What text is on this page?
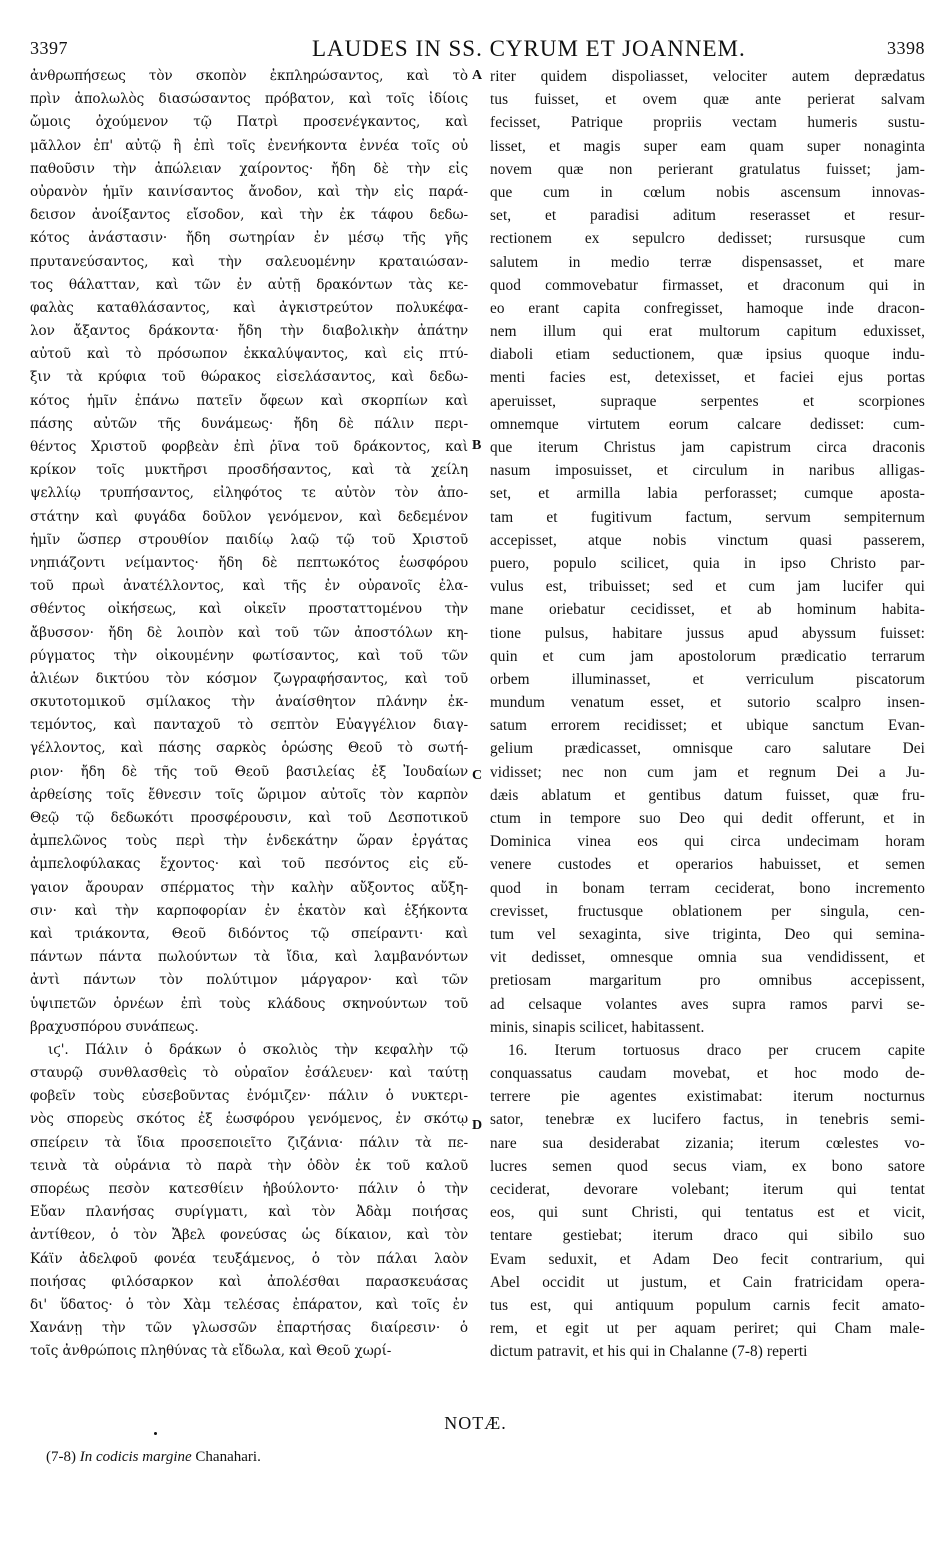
3397	LAUDES IN SS. CYRUM ET JOANNEM.	3398
ἀνθρωπήσεως τὸν σκοπὸν ἐκπληρώσαντος, καὶ τὸ
πρὶν ἀπολωλὸς διασώσαντος πρόβατον, καὶ τοῖς ἰδίοις
ὤμοις ὀχούμενον τῷ Πατρὶ προσενέγκαντος, καὶ
μᾶλλον ἐπ' αὐτῷ ἢ ἐπὶ τοῖς ἐνενήκοντα ἐννέα τοῖς οὐ
παθοῦσιν τὴν ἀπώλειαν χαίροντος· ἤδη δὲ τὴν εἰς
οὐρανὸν ἡμῖν καινίσαντος ἄνοδον, καὶ τὴν εἰς παρά-
δεισον ἀνοίξαντος εἴσοδον, καὶ τὴν ἐκ τάφου δεδω-
κότος ἀνάστασιν· ἤδη σωτηρίαν ἐν μέσῳ τῆς γῆς
πρυτανεύσαντος, καὶ τὴν σαλευομένην κραταιώσαν-
τος θάλατταν, καὶ τῶν ἐν αὐτῇ δρακόντων τὰς κε-
φαλὰς καταθλάσαντος, καὶ ἀγκιστρεύτον πολυκέφα-
λον ἄξαντος δράκοντα· ἤδη τὴν διαβολικὴν ἀπάτην
αὐτοῦ καὶ τὸ πρόσωπον ἐκκαλύψαντος, καὶ εἰς πτύ-
ξιν τὰ κρύφια τοῦ θώρακος εἰσελάσαντος, καὶ δεδω-
κότος ἡμῖν ἐπάνω πατεῖν ὄφεων καὶ σκορπίων καὶ
πάσης αὐτῶν τῆς δυνάμεως· ἤδη δὲ πάλιν περι-
θέντος Χριστοῦ φορβεὰν ἐπὶ ῥῖνα τοῦ δράκοντος, καὶ
κρίκον τοῖς μυκτῆρσι προσδήσαντος, καὶ τὰ χείλη
ψελλίῳ τρυπήσαντος, εἰληφότος τε αὐτὸν τὸν ἀπο-
στάτην καὶ φυγάδα δοῦλον γενόμενον, καὶ δεδεμένον
ἡμῖν ὥσπερ στρουθίον παιδίῳ λαῷ τῷ τοῦ Χριστοῦ
νηπιάζοντι νείμαντος· ἤδη δὲ πεπτωκότος ἑωσφόρου
τοῦ πρωὶ ἀνατέλλοντος, καὶ τῆς ἐν οὐρανοῖς ἐλα-
σθέντος οἰκήσεως, καὶ οἰκεῖν προσταττομένου τὴν
ἄβυσσον· ἤδη δὲ λοιπὸν καὶ τοῦ τῶν ἀποστόλων κη-
ρύγματος τὴν οἰκουμένην φωτίσαντος, καὶ τοῦ τῶν
ἁλιέων δικτύου τὸν κόσμον ζωγραφήσαντος, καὶ τοῦ
σκυτοτομικοῦ σμίλακος τὴν ἀναίσθητον πλάνην ἐκ-
τεμόντος, καὶ πανταχοῦ τὸ σεπτὸν Εὐαγγέλιον διαγ-
γέλλοντος, καὶ πάσης σαρκὸς ὁρώσης Θεοῦ τὸ σωτή-
ριον· ἤδη δὲ τῆς τοῦ Θεοῦ βασιλείας ἐξ Ἰουδαίων
ἀρθείσης τοῖς ἔθνεσιν τοῖς ὥριμον αὐτοῖς τὸν καρπὸν
Θεῷ τῷ δεδωκότι προσφέρουσιν, καὶ τοῦ Δεσποτικοῦ
ἀμπελῶνος τοὺς περὶ τὴν ἑνδεκάτην ὥραν ἐργάτας
ἀμπελοφύλακας ἔχοντος· καὶ τοῦ πεσόντος εἰς εὔ-
γαιον ἄρουραν σπέρματος τὴν καλὴν αὔξοντος αὔξη-
σιν· καὶ τὴν καρποφορίαν ἐν ἑκατὸν καὶ ἑξήκοντα
καὶ τριάκοντα, Θεοῦ διδόντος τῷ σπείραντι· καὶ
πάντων πάντα πωλούντων τὰ ἴδια, καὶ λαμβανόντων
ἀντὶ πάντων τὸν πολύτιμον μάργαρον· καὶ τῶν
ὑψιπετῶν ὀρνέων ἐπὶ τοὺς κλάδους σκηνούντων τοῦ
βραχυσπόρου συνάπεως.
ιϛ'. Πάλιν ὁ δράκων ὁ σκολιὸς τὴν κεφαλὴν τῷ
σταυρῷ συνθλασθεὶς τὸ οὐραῖον ἐσάλευεν· καὶ ταύτῃ
φοβεῖν τοὺς εὐσεβοῦντας ἐνόμιζεν· πάλιν ὁ νυκτερι-
νὸς σπορεὺς σκότος ἐξ ἑωσφόρου γενόμενος, ἐν σκότῳ
σπείρειν τὰ ἴδια προσεποιεῖτο ζιζάνια· πάλιν τὰ πε-
τεινὰ τὰ οὐράνια τὸ παρὰ τὴν ὁδὸν ἐκ τοῦ καλοῦ
σπορέως πεσὸν κατεσθίειν ἠβούλοντο· πάλιν ὁ τὴν
Εὔαν πλανήσας συρίγματι, καὶ τὸν Ἀδὰμ ποιήσας
ἀντίθεον, ὁ τὸν Ἄβελ φονεύσας ὡς δίκαιον, καὶ τὸν
Κάϊν ἀδελφοῦ φονέα τευξάμενος, ὁ τὸν πάλαι λαὸν
ποιήσας φιλόσαρκον καὶ ἀπολέσθαι παρασκευάσας
δι' ὕδατος· ὁ τὸν Χὰμ τελέσας ἐπάρατον, καὶ τοῖς ἐν
Χανάνῃ τὴν τῶν γλωσσῶν ἐπαρτήσας διαίρεσιν· ὁ
τοῖς ἀνθρώποις πληθύνας τὰ εἴδωλα, καὶ Θεοῦ χωρί-
riter quidem dispoliasset, velociter autem deprædatus
tus fuisset, et ovem quæ ante perierat salvam
fecisset, Patrique propriis vectam humeris sustu-
lisset, et magis super eam quam super nonaginta
novem quæ non perierant gratulatus fuisset; jam-
que cum in cœlum nobis ascensum innovas-
set, et paradisi aditum reserasset et resur-
rectionem ex sepulcro dedisset; rursusque cum
salutem in medio terræ dispensasset, et mare
quod commovebatur firmasset, et draconum qui in
eo erant capita confregisset, hamoque inde dracon-
nem illum qui erat multorum capitum eduxisset,
diaboli etiam seductionem, quæ ipsius quoque indu-
menti facies est, detexisset, et faciei ejus portas
aperuisset, supraque serpentes et scorpiones
omnemque virtutem eorum calcare dedisset: cum-
que iterum Christus jam capistrum circa draconis
nasum imposuisset, et circulum in naribus alligas-
set, et armilla labia perforasset; cumque aposta-
tam et fugitivum factum, servum sempiternum
accepisset, atque nobis vinctum quasi passerem,
puero, populo scilicet, quia in ipso Christo par-
vulus est, tribuisset; sed et cum jam lucifer qui
mane oriebatur cecidisset, et ab hominum habita-
tione pulsus, habitare jussus apud abyssum fuisset:
quin et cum jam apostolorum prædicatio terrarum
orbem illuminasset, et verriculum piscatorum
mundum venatum esset, et sutorio scalpro insen-
satum errorem recidisset; et ubique sanctum Evan-
gelium prædicasset, omnisque caro salutare Dei
vidisset; nec non cum jam et regnum Dei a Ju-
dæis ablatum et gentibus datum fuisset, quæ fru-
ctum in tempore suo Deo qui dedit offerunt, et in
Dominica vinea eos qui circa undecimam horam
venere custodes et operarios habuisset, et semen
quod in bonam terram ceciderat, bono incremento
crevisset, fructusque oblationem per singula, cen-
tum vel sexaginta, sive triginta, Deo qui semina-
vit dedisset, omnesque omnia sua vendidissent, et
pretiosam margaritum pro omnibus accepissent,
ad celsaque volantes aves supra ramos parvi se-
minis, sinapis scilicet, habitassent.
16. Iterum tortuosus draco per crucem capite
conquassatus caudam movebat, et hoc modo de-
terrere pie agentes existimabat: iterum nocturnus
sator, tenebræ ex lucifero factus, in tenebris semi-
nare sua desiderabat zizania; iterum cœlestes vo-
lucres semen quod secus viam, ex bono satore
ceciderat, devorare volebant; iterum qui tentat
eos, qui sunt Christi, qui tentatus est et vicit,
tentare gestiebat; iterum draco qui sibilo suo
Evam seduxit, et Adam Deo fecit contrarium, qui
Abel occidit ut justum, et Cain fratricidam opera-
tus est, qui antiquum populum carnis fecit amato-
rem, et egit ut per aquam periret; qui Cham male-
dictum patravit, et his qui in Chalanne (7-8) reperti
A
B
C
D
NOTÆ.
(7-8) In codicis margine Chanahari.
